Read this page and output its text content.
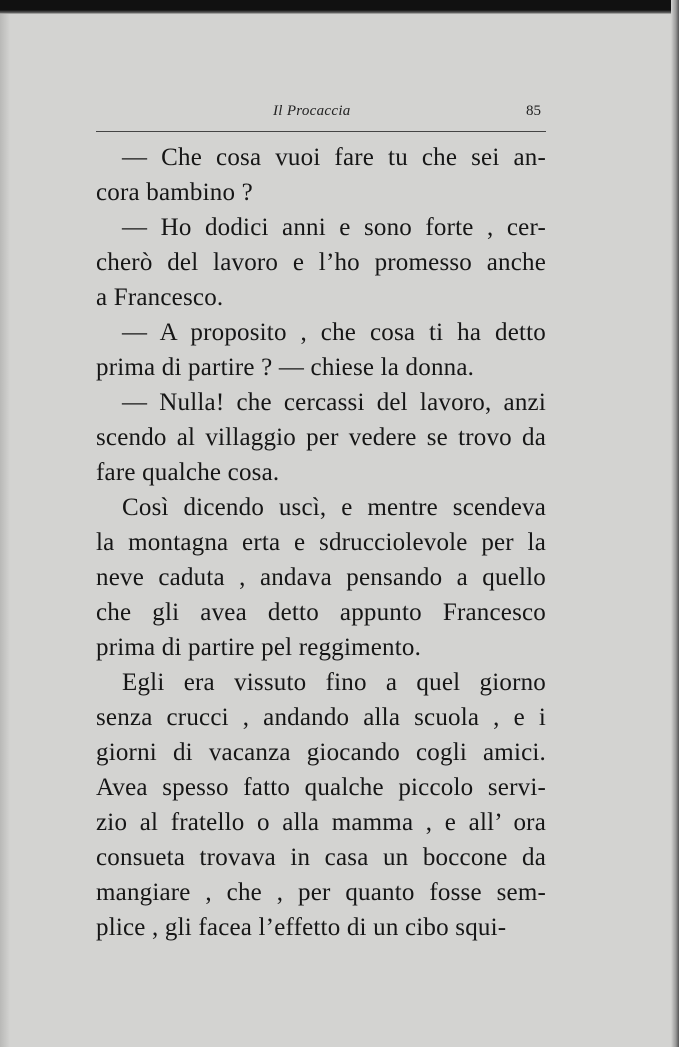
Il Procaccia	85
— Che cosa vuoi fare tu che sei an-
cora bambino ?
— Ho dodici anni e sono forte , cer-
cherò del lavoro e l’ho promesso anche
a Francesco.
— A proposito , che cosa ti ha detto
prima di partire ? — chiese la donna.
— Nulla! che cercassi del lavoro, anzi
scendo al villaggio per vedere se trovo da
fare qualche cosa.
Così dicendo uscì, e mentre scendeva
la montagna erta e sdrucciolevole per la
neve caduta , andava pensando a quello
che gli avea detto appunto Francesco
prima di partire pel reggimento.
Egli era vissuto fino a quel giorno
senza crucci , andando alla scuola , e i
giorni di vacanza giocando cogli amici.
Avea spesso fatto qualche piccolo servi-
zio al fratello o alla mamma , e all’ ora
consueta trovava in casa un boccone da
mangiare , che , per quanto fosse sem-
plice , gli facea l’effetto di un cibo squi-
